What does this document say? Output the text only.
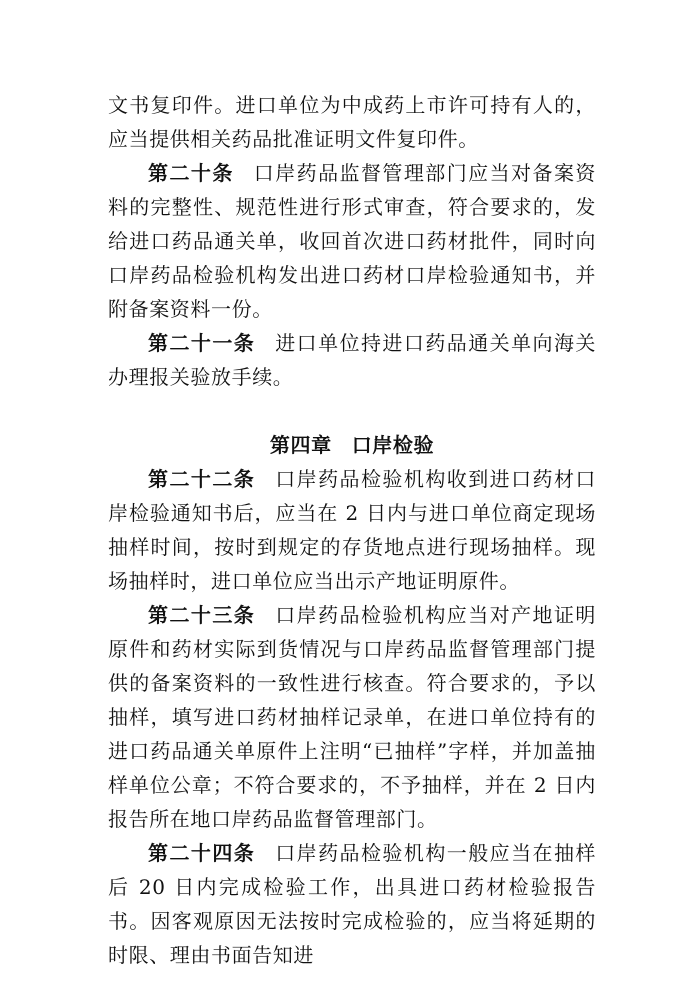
文书复印件。进口单位为中成药上市许可持有人的，应当提供相关药品批准证明文件复印件。

第二十条 口岸药品监督管理部门应当对备案资料的完整性、规范性进行形式审查，符合要求的，发给进口药品通关单，收回首次进口药材批件，同时向口岸药品检验机构发出进口药材口岸检验通知书，并附备案资料一份。

第二十一条 进口单位持进口药品通关单向海关办理报关验放手续。

第四章 口岸检验

第二十二条 口岸药品检验机构收到进口药材口岸检验通知书后，应当在 2 日内与进口单位商定现场抽样时间，按时到规定的存货地点进行现场抽样。现场抽样时，进口单位应当出示产地证明原件。

第二十三条 口岸药品检验机构应当对产地证明原件和药材实际到货情况与口岸药品监督管理部门提供的备案资料的一致性进行核查。符合要求的，予以抽样，填写进口药材抽样记录单，在进口单位持有的进口药品通关单原件上注明“已抽样”字样，并加盖抽样单位公章；不符合要求的，不予抽样，并在 2 日内报告所在地口岸药品监督管理部门。

第二十四条 口岸药品检验机构一般应当在抽样后 20 日内完成检验工作，出具进口药材检验报告书。因客观原因无法按时完成检验的，应当将延期的时限、理由书面告知进
